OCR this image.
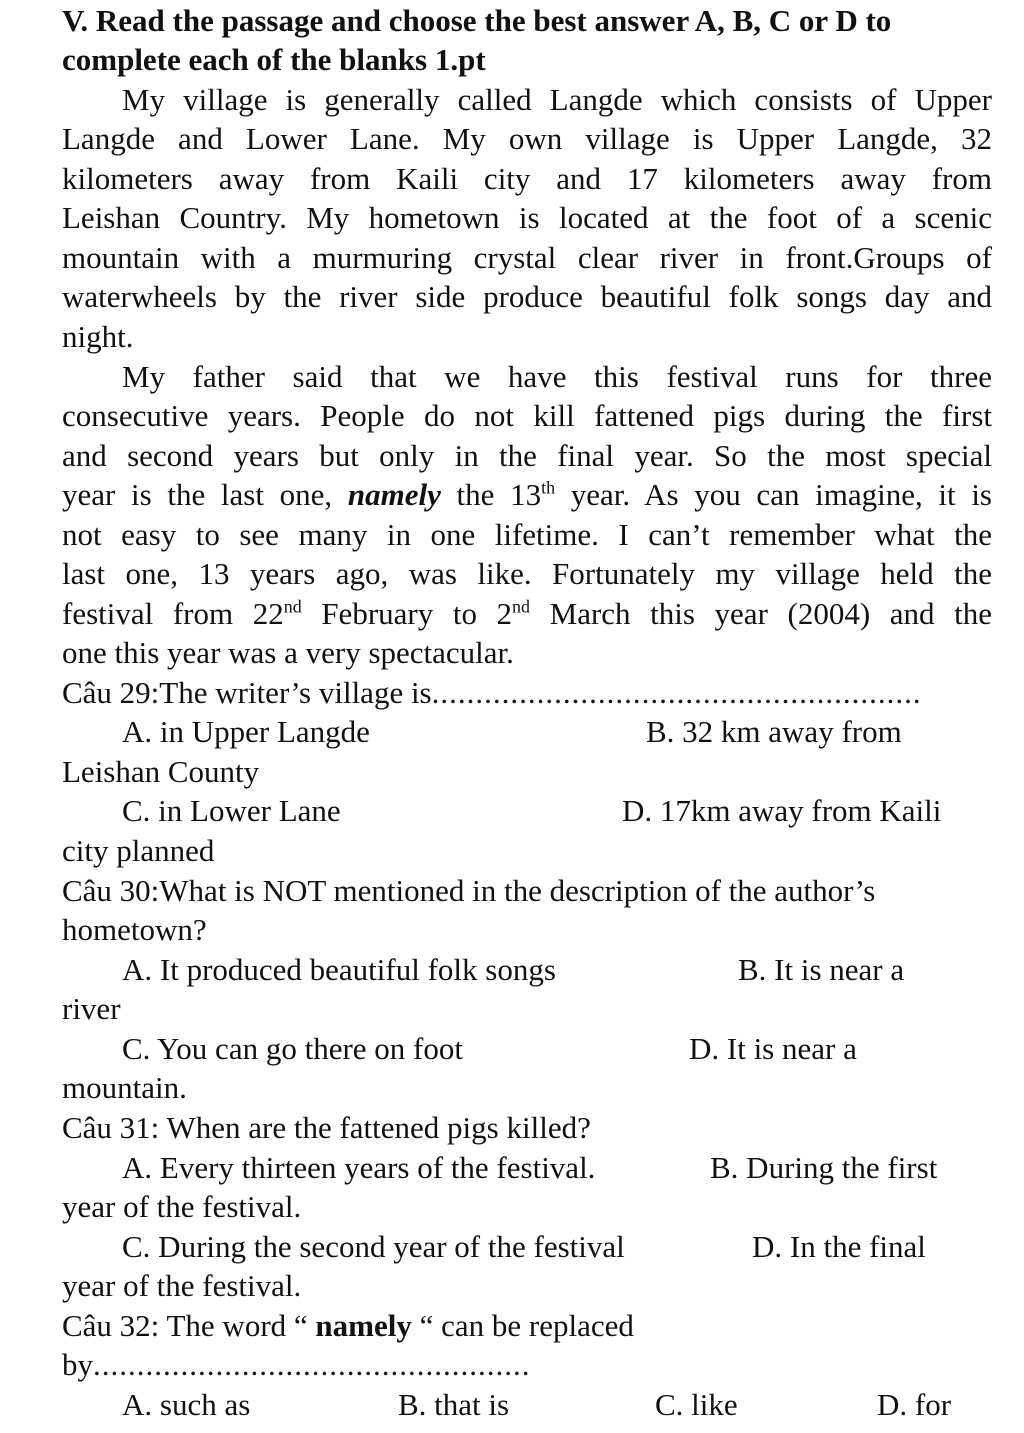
V. Read the passage and choose the best answer A, B, C or D to
complete each of the blanks 1.pt
My village is generally called Langde which consists of Upper
Langde and Lower Lane. My own village is Upper Langde, 32
kilometers away from Kaili city and 17 kilometers away from
Leishan Country. My hometown is located at the foot of a scenic
mountain with a murmuring crystal clear river in front.Groups of
waterwheels by the river side produce beautiful folk songs day and
night.
My father said that we have this festival runs for three
consecutive years. People do not kill fattened pigs during the first
and second years but only in the final year. So the most special
year is the last one, namely the 13th year. As you can imagine, it is
not easy to see many in one lifetime. I can’t remember what the
last one, 13 years ago, was like. Fortunately my village held the
festival from 22nd February to 2nd March this year (2004) and the
one this year was a very spectacular.
Câu 29:The writer’s village is........................................................
A. in Upper Langde	B. 32 km away from
Leishan County
C. in Lower Lane	D. 17km away from Kaili
city planned
Câu 30:What is NOT mentioned in the description of the author’s
hometown?
A. It produced beautiful folk songs	B. It is near a
river
C. You can go there on foot	D. It is near a
mountain.
Câu 31: When are the fattened pigs killed?
A. Every thirteen years of the festival.	B. During the first
year of the festival.
C. During the second year of the festival	D. In the final
year of the festival.
Câu 32: The word “ namely “ can be replaced
by..................................................
A. such as	B. that is	C. like	D. for
